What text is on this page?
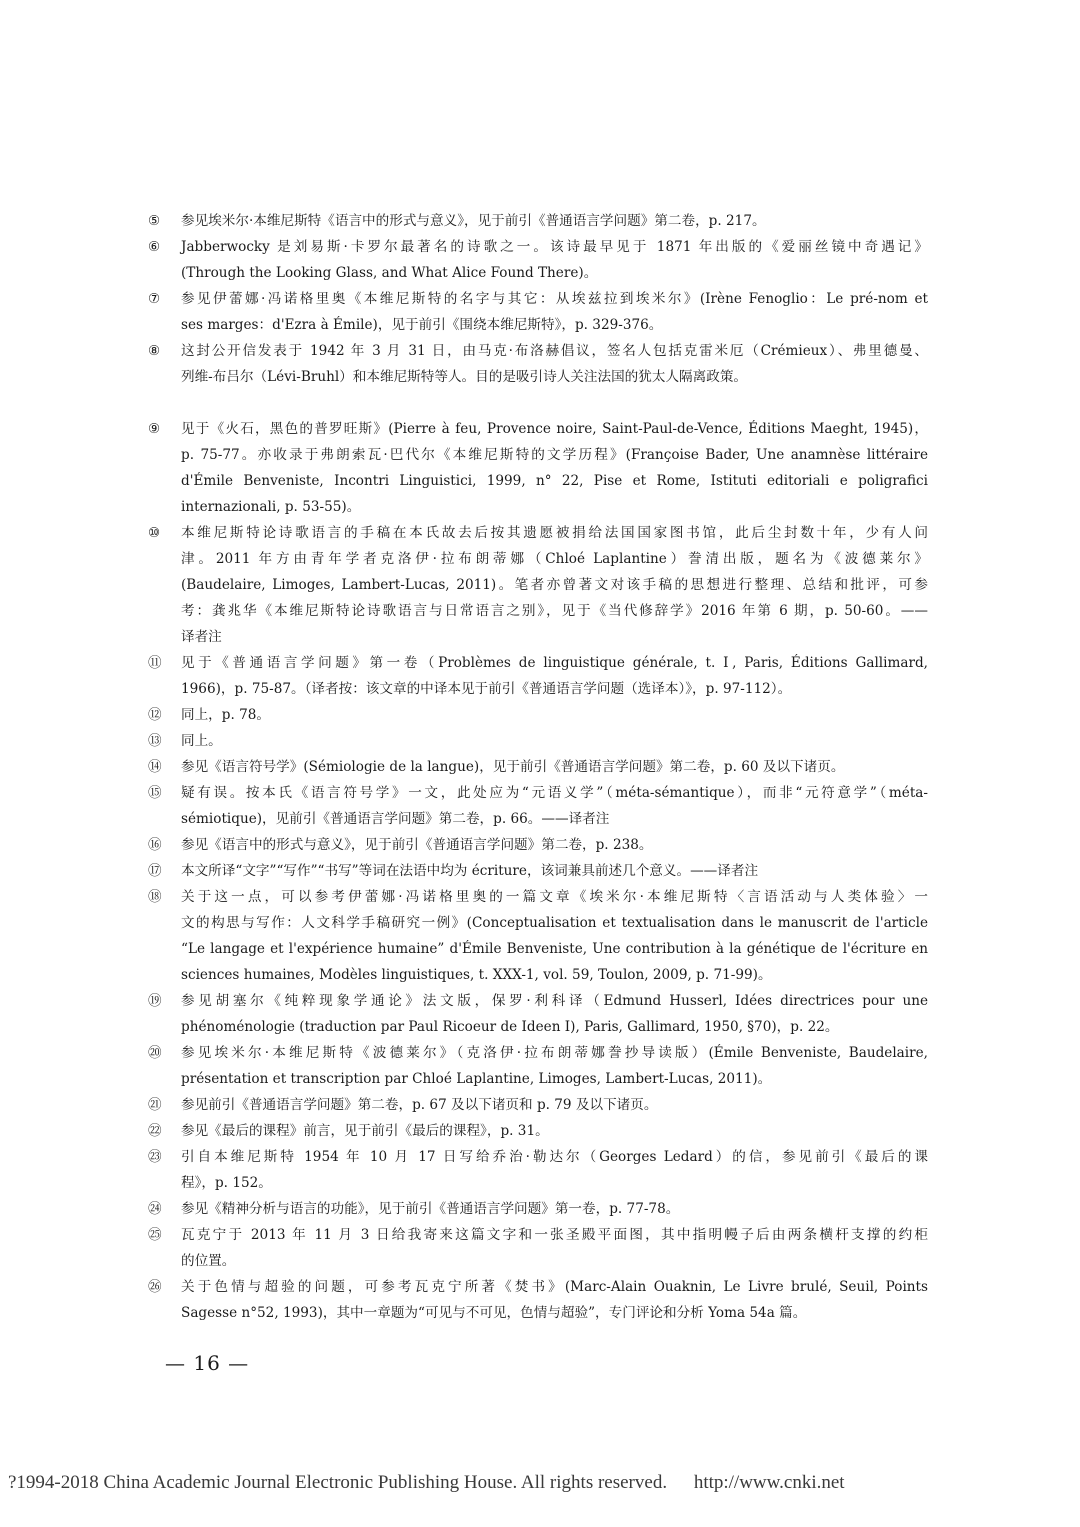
⑤	参见埃米尔·本维尼斯特《语言中的形式与意义》，见于前引《普通语言学问题》第二卷，p. 217。
⑥	Jabberwocky 是刘易斯·卡罗尔最著名的诗歌之一。该诗最早见于 1871 年出版的《爱丽丝镜中奇遇记》
(Through the Looking Glass, and What Alice Found There)。
⑦	参见伊蕾娜·冯诺格里奥《本维尼斯特的名字与其它：从埃兹拉到埃米尔》(Irène Fenoglio：Le pré-nom et
ses marges：d'Ezra à Émile)，见于前引《围绕本维尼斯特》，p. 329-376。
⑧	这封公开信发表于 1942 年 3 月 31 日，由马克·布洛赫倡议，签名人包括克雷米厄（Crémieux）、弗里德曼、
列维-布吕尔（Lévi-Bruhl）和本维尼斯特等人。目的是吸引诗人关注法国的犹太人隔离政策。
⑨	见于《火石，黑色的普罗旺斯》(Pierre à feu, Provence noire, Saint-Paul-de-Vence, Éditions Maeght, 1945)，
p. 75-77。亦收录于弗朗索瓦·巴代尔《本维尼斯特的文学历程》(Françoise Bader, Une anamnèse littéraire
d'Émile Benveniste, Incontri Linguistici, 1999, n° 22, Pise et Rome, Istituti editoriali e poligrafici
internazionali, p. 53-55)。
⑩	本维尼斯特论诗歌语言的手稿在本氏故去后按其遗愿被捐给法国国家图书馆，此后尘封数十年，少有人问
津。2011 年方由青年学者克洛伊·拉布朗蒂娜（Chloé Laplantine）誊清出版，题名为《波德莱尔》
(Baudelaire, Limoges, Lambert-Lucas, 2011)。笔者亦曾著文对该手稿的思想进行整理、总结和批评，可参
考：龚兆华《本维尼斯特论诗歌语言与日常语言之别》，见于《当代修辞学》2016 年第 6 期，p. 50-60。——
译者注
⑪	见于《普通语言学问题》第一卷（Problèmes de linguistique générale, t. Ⅰ, Paris, Éditions Gallimard,
1966)，p. 75-87。（译者按：该文章的中译本见于前引《普通语言学问题（选译本）》，p. 97-112）。
⑫	同上，p. 78。
⑬	同上。
⑭	参见《语言符号学》(Sémiologie de la langue)，见于前引《普通语言学问题》第二卷，p. 60 及以下诸页。
⑮	疑有误。按本氏《语言符号学》一文，此处应为“元语义学”（méta-sémantique），而非“元符意学”（méta-
sémiotique)，见前引《普通语言学问题》第二卷，p. 66。——译者注
⑯	参见《语言中的形式与意义》，见于前引《普通语言学问题》第二卷，p. 238。
⑰	本文所译“文字”“写作”“书写”等词在法语中均为 écriture，该词兼具前述几个意义。——译者注
⑱	关于这一点，可以参考伊蕾娜·冯诺格里奥的一篇文章《埃米尔·本维尼斯特〈言语活动与人类体验〉一
文的构思与写作：人文科学手稿研究一例》(Conceptualisation et textualisation dans le manuscrit de l'article
“Le langage et l'expérience humaine” d'Émile Benveniste, Une contribution à la génétique de l'écriture en
sciences humaines, Modèles linguistiques, t. XXX-1, vol. 59, Toulon, 2009, p. 71-99)。
⑲	参见胡塞尔《纯粹现象学通论》法文版，保罗·利科译（Edmund Husserl, Idées directrices pour une
phénoménologie (traduction par Paul Ricoeur de Ideen Ⅰ), Paris, Gallimard, 1950, §70)，p. 22。
⑳	参见埃米尔·本维尼斯特《波德莱尔》（克洛伊·拉布朗蒂娜誊抄导读版）(Émile Benveniste, Baudelaire,
présentation et transcription par Chloé Laplantine, Limoges, Lambert-Lucas, 2011)。
㉑	参见前引《普通语言学问题》第二卷，p. 67 及以下诸页和 p. 79 及以下诸页。
㉒	参见《最后的课程》前言，见于前引《最后的课程》，p. 31。
㉓	引自本维尼斯特 1954 年 10 月 17 日写给乔治·勒达尔（Georges Ledard）的信，参见前引《最后的课
程》，p. 152。
㉔	参见《精神分析与语言的功能》，见于前引《普通语言学问题》第一卷，p. 77-78。
㉕	瓦克宁于 2013 年 11 月 3 日给我寄来这篇文字和一张圣殿平面图，其中指明幔子后由两条横杆支撑的约柜
的位置。
㉖	关于色情与超验的问题，可参考瓦克宁所著《焚书》(Marc-Alain Ouaknin, Le Livre brulé, Seuil, Points
Sagesse n°52, 1993)，其中一章题为“可见与不可见，色情与超验”，专门评论和分析 Yoma 54a 篇。
— 16 —
?1994-2018 China Academic Journal Electronic Publishing House. All rights reserved. http://www.cnki.net
